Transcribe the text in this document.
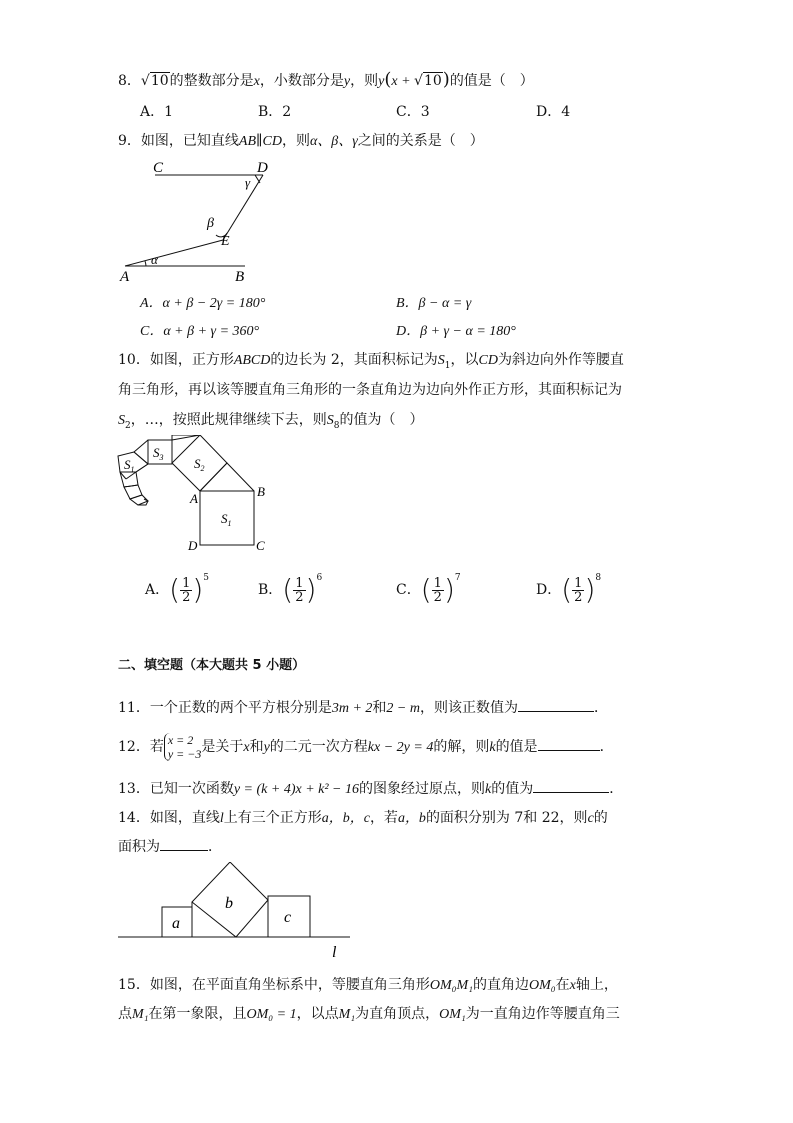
8．√10的整数部分是x，小数部分是y，则y(x + √10)的值是（　）
A．1	B．2	C．3	D．4
9．如图，已知直线AB∥CD，则α、β、γ之间的关系是（　）
C	D
γ
β
E
A
α
B
A．α + β − 2γ = 180°	B．β − α = γ
C．α + β + γ = 360°	D．β + γ − α = 180°
10．如图，正方形ABCD的边长为 2，其面积标记为$S_1$，以CD为斜边向外作等腰直
角三角形，再以该等腰直角三角形的一条直角边为边向外作正方形，其面积标记为
$S_2$，…，按照此规律继续下去，则$S_8$的值为（　）
$S_1$
$S_3$ $S_2$
$S_1$
A	B
D	C
A．( $\frac{1}{2} )^5$
B．( $\frac{1}{2} )^6$
C．( $\frac{1}{2} )^7$
D．( $\frac{1}{2} )^8$
二、填空题（本大题共 5 小题）
11．一个正数的两个平方根分别是3m + 2和2 − m，则该正数值为	．
12．若 x = 2
y = −3 是关于x和y的二元一次方程kx − 2y = 4的解，则k的值是	．
13．已知一次函数y = (k + 4)x + k² − 16的图象经过原点，则k的值为	．
14．如图，直线l上有三个正方形a，b，c，若a，b的面积分别为 7和 22，则c的
面积为	．
a
b
c
l
15．如图，在平面直角坐标系中，等腰直角三角形OM₀M₁的直角边OM₀在x轴上，
点M₁在第一象限，且OM₀ = 1，以点M₁为直角顶点，OM₁为一直角边作等腰直角三
